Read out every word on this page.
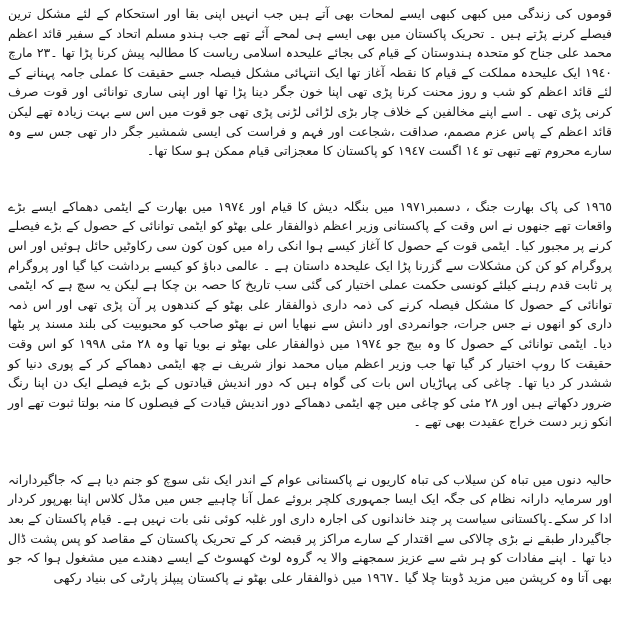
قوموں کی زندگی میں کبھی کبھی ایسے لمحات بھی آتے ہیں جب انہیں اپنی بقا اور استحکام کے لئے مشکل ترین فیصلے کرنے پڑتے ہیں ۔ تحریک پاکستان میں بھی ایسے ہی لمحے آئے تھے جب ہندو مسلم اتحاد کے سفیر قائد اعظم محمد علی جناح کو متحدہ ہندوستان کے قیام کی بجائے علیحدہ اسلامی ریاست کا مطالبہ پیش کرنا پڑا تھا ۔٢٣ مارچ ١٩٤٠ ایک علیحدہ مملکت کے قیام کا نقطہ آغاز تھا ایک انتہائی مشکل فیصلہ جسے حقیقت کا عملی جامہ پہنانے کے لئے قائد اعظم کو شب و روز محنت کرنا پڑی تھی اپنا خون جگر دینا پڑا تھا اور اپنی ساری توانائی اور قوت صرف کرنی پڑی تھی ۔ اسے اپنے مخالفین کے خلاف چار بڑی لڑائی لڑنی پڑی تھی جو قوت میں اس سے بہت زیادہ تھے لیکن قائد اعظم کے پاس عزم مصمم، صداقت ،شجاعت اور فہم و فراست کی ایسی شمشیر جگر دار تھی جس سے وہ سارے محروم تھے تبھی تو ١٤ اگست ١٩٤٧ کو پاکستان کا معجزاتی قیام ممکن ہو سکا تھا۔

١٩٦٥ کی پاک بھارت جنگ ، دسمبر١٩٧١ میں بنگلہ دیش کا قیام اور ١٩٧٤ میں بھارت کے ایٹمی دھماکے ایسے بڑے واقعات تھے جنھوں نے اس وقت کے پاکستانی وزیر اعظم ذوالفقار علی بھٹو کو ایٹمی توانائی کے حصول کے بڑے فیصلے کرنے پر مجبور کیا۔ ایٹمی قوت کے حصول کا آغاز کیسے ہوا انکی راہ میں کون کون سی رکاوٹیں حائل ہوئیں اور اس پروگرام کو کن کن مشکلات سے گزرنا پڑا ایک علیحدہ داستان ہے ۔ عالمی دباؤ کو کیسے برداشت کیا گیا اور پروگرام پر ثابت قدم رہنے کیلئے کونسی حکمت عملی اختیار کی گئی سب تاریخ کا حصہ بن چکا ہے لیکن یہ سچ ہے کہ ایٹمی توانائی کے حصول کا مشکل فیصلہ کرنے کی ذمہ داری ذوالفقار علی بھٹو کے کندھوں پر آن پڑی تھی اور اس ذمہ داری کو انھوں نے جس جرات، جوانمردی اور دانش سے نبھایا اس نے بھٹو صاحب کو محبوبیت کی بلند مسند پر بٹھا دیا۔ ایٹمی توانائی کے حصول کا وہ بیج جو ١٩٧٤ میں ذوالفقار علی بھٹو نے بویا تھا وہ ٢٨ مئی ١٩٩٨ کو اس وقت حقیقت کا روپ اختیار کر گیا تھا جب وزیر اعظم میاں محمد نواز شریف نے چھ ایٹمی دھماکے کر کے پوری دنیا کو ششدر کر دیا تھا۔ چاغی کی پہاڑیاں اس بات کی گواہ ہیں کہ دور اندیش قیادتوں کے بڑے فیصلے ایک دن اپنا رنگ ضرور دکھاتے ہیں اور ٢٨ مئی کو چاغی میں چھ ایٹمی دھماکے دور اندیش قیادت کے فیصلوں کا منہ بولتا ثبوت تھے اور انکو زبر دست خراج عقیدت بھی تھے ۔

حالیہ دنوں میں تباہ کن سیلاب کی تباہ کاریوں نے پاکستانی عوام کے اندر ایک نئی سوچ کو جنم دیا ہے کہ جاگیردارانہ اور سرمایہ دارانہ نظام کی جگہ ایک ایسا جمہوری کلچر بروئے عمل آنا چاہیے جس میں مڈل کلاس اپنا بھرپور کردار ادا کر سکے۔پاکستانی سیاست پر چند خاندانوں کی اجارہ داری اور غلبہ کوئی نئی بات نہیں ہے۔ قیام پاکستان کے بعد جاگیردار طبقے نے بڑی چالاکی سے اقتدار کے سارے مراکز پر قبضہ کر کے تحریک پاکستان کے مقاصد کو پس پشت ڈال دیا تھا ۔ اپنے مفادات کو ہر شے سے عزیز سمجھنے والا یہ گروہ لوٹ کھسوٹ کے ایسے دھندے میں مشغول ہوا کہ جو بھی آتا وہ کرپشن میں مزید ڈوبتا چلا گیا ۔١٩٦٧ میں ذوالفقار علی بھٹو نے پاکستان پیپلز پارٹی کی بنیاد رکھی
